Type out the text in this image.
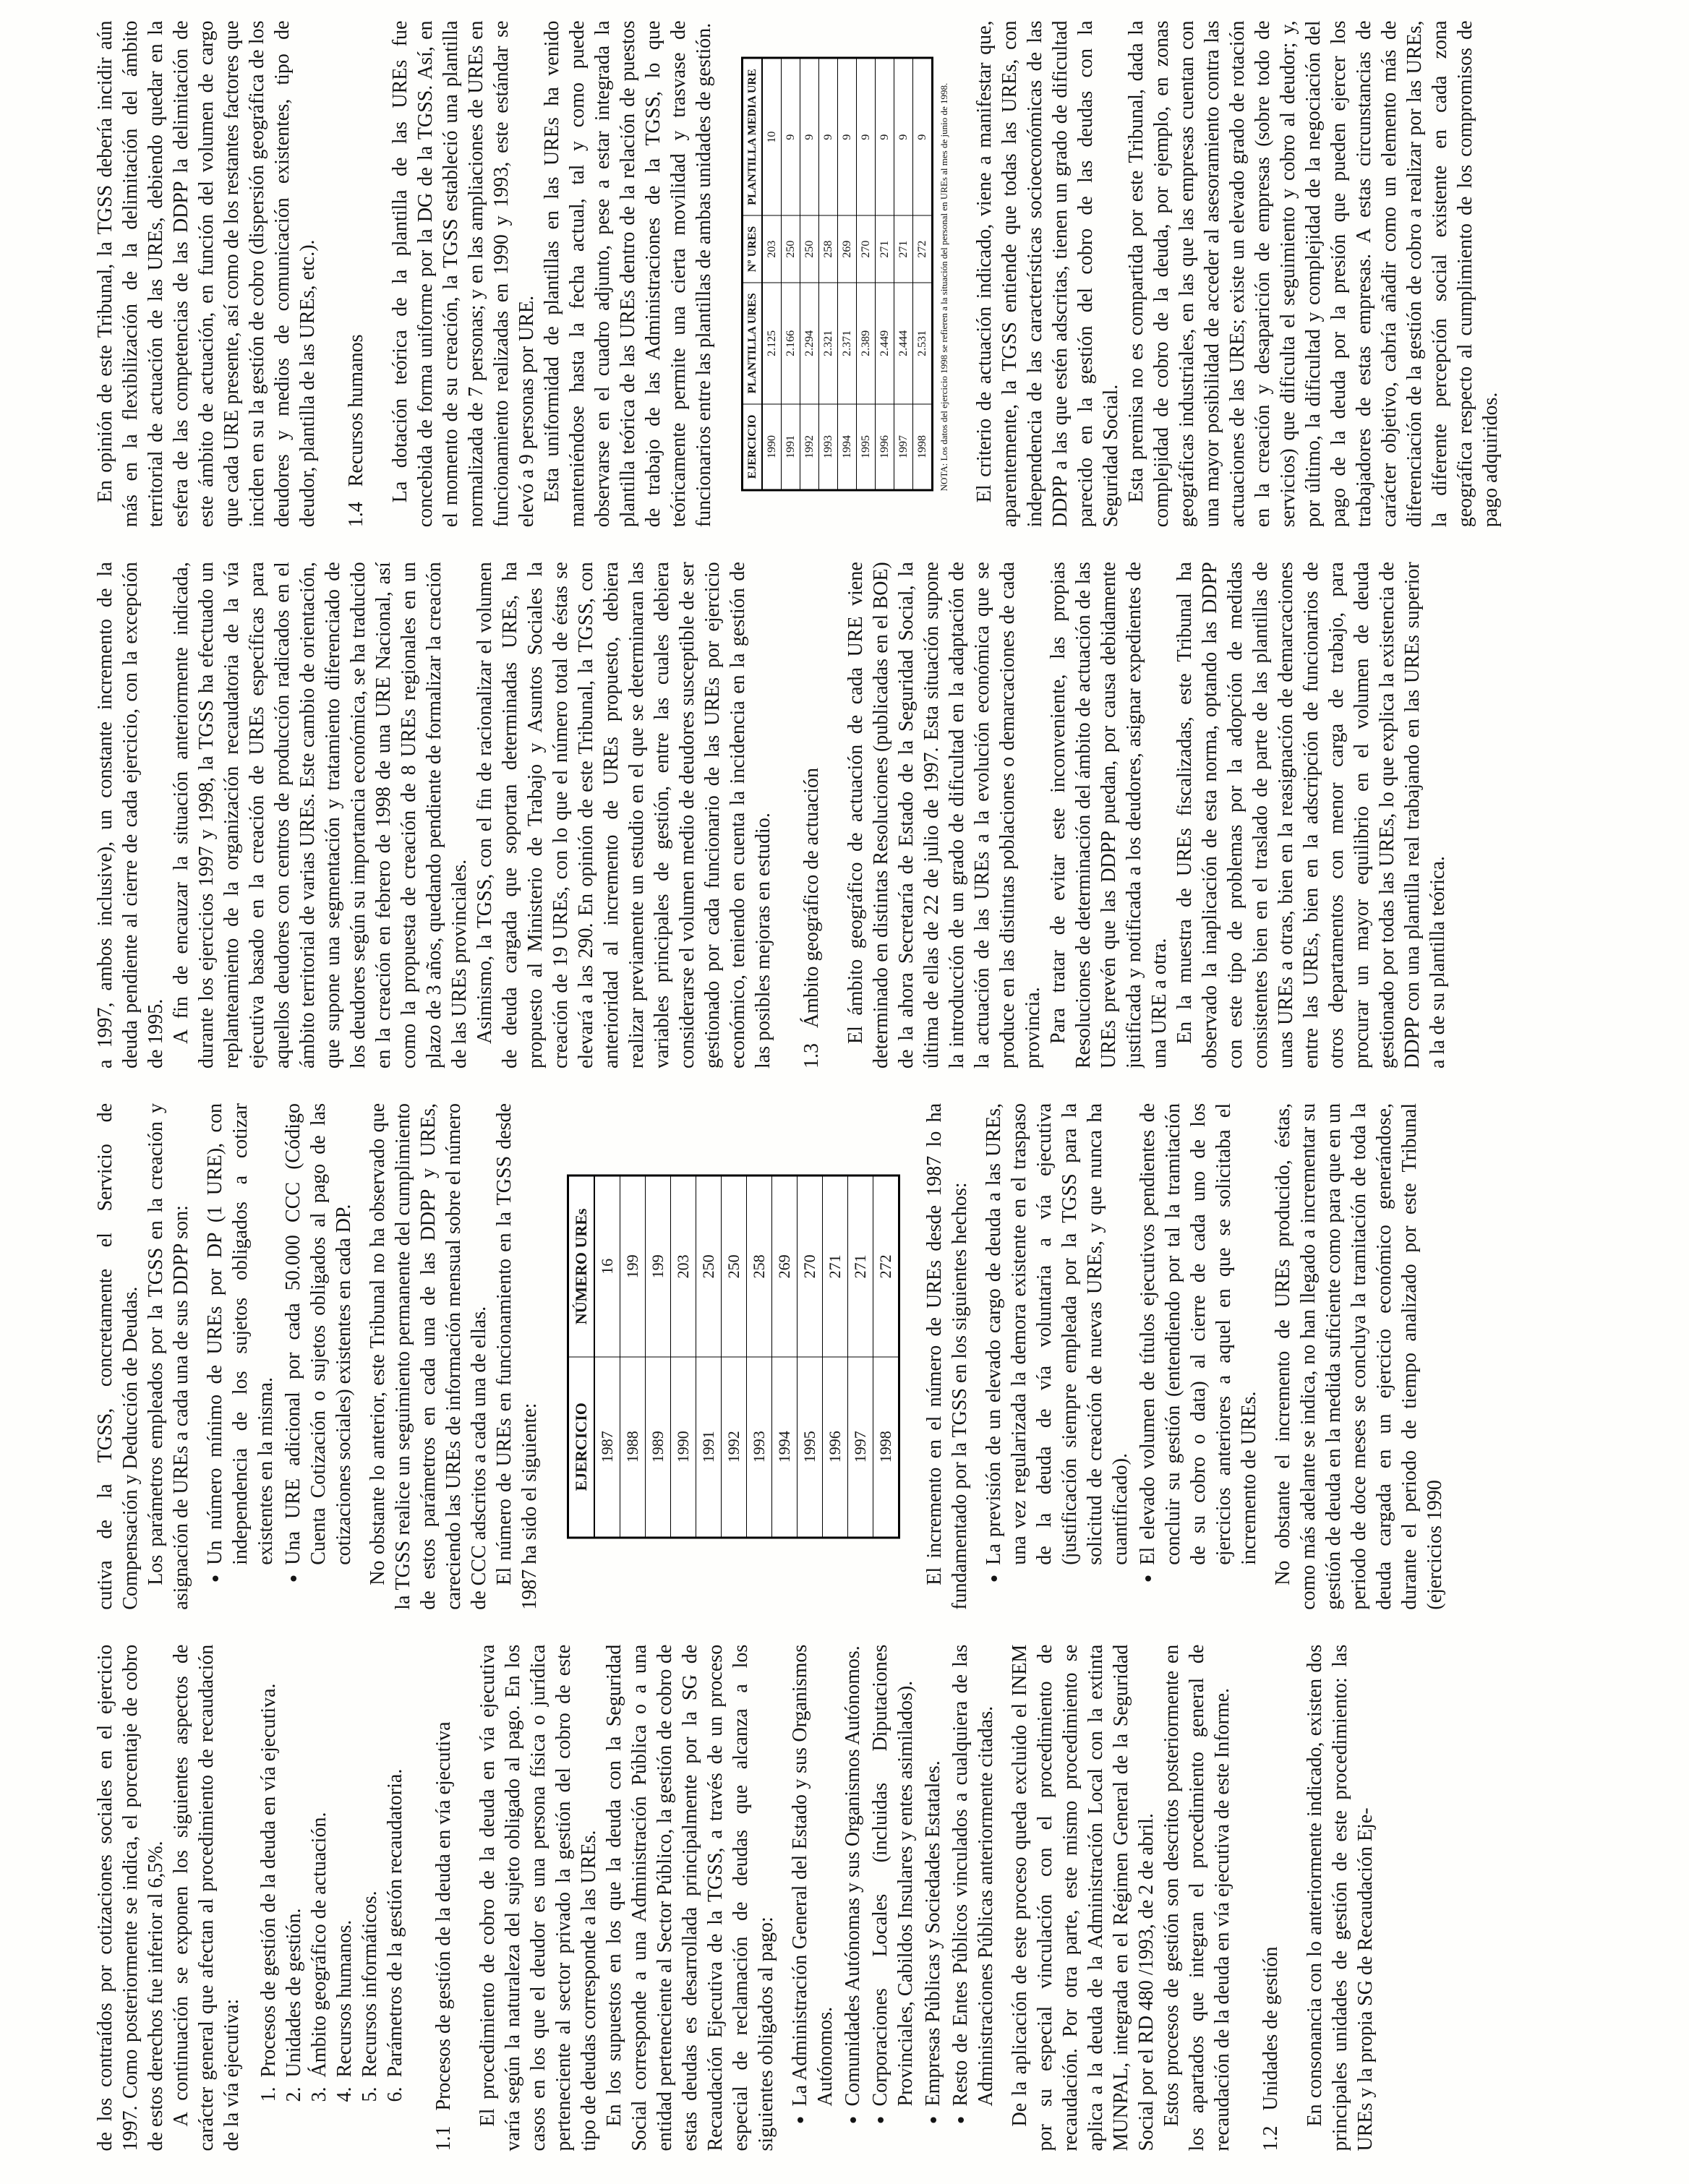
de los contraídos por cotizaciones sociales en el ejercicio 1997. Como posteriormente se indica, el porcentaje de cobro de estos derechos fue inferior al 6,5%. A continuación se exponen los siguientes aspectos de carácter general que afectan al procedimiento de recaudación de la vía ejecutiva: 1. Procesos de gestión de la deuda en vía ejecutiva. 2. Unidades de gestión. 3. Ámbito geográfico de actuación. 4. Recursos humanos. 5. Recursos informáticos. 6. Parámetros de la gestión recaudatoria. 1.1   Procesos de gestión de la deuda en vía ejecutiva El procedimiento de cobro de la deuda en vía ejecutiva varía según la naturaleza del sujeto obligado al pago. En los casos en los que el deudor es una persona física o jurídica perteneciente al sector privado la gestión del cobro de este tipo de deudas corresponde a las UREs. En los supuestos en los que la deuda con la Seguridad Social corresponde a una Administración Pública o a una entidad perteneciente al Sector Público, la gestión de cobro de estas deudas es desarrollada principalmente por la SG de Recaudación Ejecutiva de la TGSS, a través de un proceso especial de reclamación de deudas que alcanza a los siguientes obligados al pago: • La Administración General del Estado y sus Organismos Autónomos. • Comunidades Autónomas y sus Organismos Autónomos. • Corporaciones Locales (incluidas Diputaciones Provinciales, Cabildos Insulares y entes asimilados). • Empresas Públicas y Sociedades Estatales. • Resto de Entes Públicos vinculados a cualquiera de las Administraciones Públicas anteriormente citadas. De la aplicación de este proceso queda excluido el INEM por su especial vinculación con el procedimiento de recaudación. Por otra parte, este mismo procedimiento se aplica a la deuda de la Administración Local con la extinta MUNPAL, integrada en el Régimen General de la Seguridad Social por el RD 480 /1993, de 2 de abril. Estos procesos de gestión son descritos posteriormente en los apartados que integran el procedimiento general de recaudación de la deuda en vía ejecutiva de este Informe. 1.2   Unidades de gestión En consonancia con lo anteriormente indicado, existen dos principales unidades de gestión de este procedimiento: las UREs y la propia SG de Recaudación Eje-

cutiva de la TGSS, concretamente el Servicio de Compensación y Deducción de Deudas. Los parámetros empleados por la TGSS en la creación y asignación de UREs a cada una de sus DDPP son: • Un número mínimo de UREs por DP (1 URE), con independencia de los sujetos obligados a cotizar existentes en la misma. • Una URE adicional por cada 50.000 CCC (Código Cuenta Cotización o sujetos obligados al pago de las cotizaciones sociales) existentes en cada DP. No obstante lo anterior, este Tribunal no ha observado que la TGSS realice un seguimiento permanente del cumplimiento de estos parámetros en cada una de las DDPP y UREs, careciendo las UREs de información mensual sobre el número de CCC adscritos a cada una de ellas. El número de UREs en funcionamiento en la TGSS desde 1987 ha sido el siguiente: EJERCICIO	NÚMERO UREs
1987	16
1988	199
1989	199
1990	203
1991	250
1992	250
1993	258
1994	269
1995	270
1996	271
1997	271
1998	272 El incremento en el número de UREs desde 1987 lo ha fundamentado por la TGSS en los siguientes hechos: • La previsión de un elevado cargo de deuda a las UREs, una vez regularizada la demora existente en el traspaso de la deuda de vía voluntaria a vía ejecutiva (justificación siempre empleada por la TGSS para la solicitud de creación de nuevas UREs, y que nunca ha cuantificado). • El elevado volumen de títulos ejecutivos pendientes de concluir su gestión (entendiendo por tal la tramitación de su cobro o data) al cierre de cada uno de los ejercicios anteriores a aquel en que se solicitaba el incremento de UREs. No obstante el incremento de UREs producido, éstas, como más adelante se indica, no han llegado a incrementar su gestión de deuda en la medida suficiente como para que en un periodo de doce meses se concluya la tramitación de toda la deuda cargada en un ejercicio económico generándose, durante el periodo de tiempo analizado por este Tribunal (ejercicios 1990

a 1997, ambos inclusive), un constante incremento de la deuda pendiente al cierre de cada ejercicio, con la excepción de 1995. A fin de encauzar la situación anteriormente indicada, durante los ejercicios 1997 y 1998, la TGSS ha efectuado un replanteamiento de la organización recaudatoria de la vía ejecutiva basado en la creación de UREs específicas para aquellos deudores con centros de producción radicados en el ámbito territorial de varias UREs. Este cambio de orientación, que supone una segmentación y tratamiento diferenciado de los deudores según su importancia económica, se ha traducido en la creación en febrero de 1998 de una URE Nacional, así como la propuesta de creación de 8 UREs regionales en un plazo de 3 años, quedando pendiente de formalizar la creación de las UREs provinciales. Asimismo, la TGSS, con el fin de racionalizar el volumen de deuda cargada que soportan determinadas UREs, ha propuesto al Ministerio de Trabajo y Asuntos Sociales la creación de 19 UREs, con lo que el número total de éstas se elevará a las 290. En opinión de este Tribunal, la TGSS, con anterioridad al incremento de UREs propuesto, debiera realizar previamente un estudio en el que se determinaran las variables principales de gestión, entre las cuales debiera considerarse el volumen medio de deudores susceptible de ser gestionado por cada funcionario de las UREs por ejercicio económico, teniendo en cuenta la incidencia en la gestión de las posibles mejoras en estudio. 1.3   Ámbito geográfico de actuación El ámbito geográfico de actuación de cada URE viene determinado en distintas Resoluciones (publicadas en el BOE) de la ahora Secretaría de Estado de la Seguridad Social, la última de ellas de 22 de julio de 1997. Esta situación supone la introducción de un grado de dificultad en la adaptación de la actuación de las UREs a la evolución económica que se produce en las distintas poblaciones o demarcaciones de cada provincia. Para tratar de evitar este inconveniente, las propias Resoluciones de determinación del ámbito de actuación de las UREs prevén que las DDPP puedan, por causa debidamente justificada y notificada a los deudores, asignar expedientes de una URE a otra. En la muestra de UREs fiscalizadas, este Tribunal ha observado la inaplicación de esta norma, optando las DDPP con este tipo de problemas por la adopción de medidas consistentes bien en el traslado de parte de las plantillas de unas UREs a otras, bien en la reasignación de demarcaciones entre las UREs, bien en la adscripción de funcionarios de otros departamentos con menor carga de trabajo, para procurar un mayor equilibrio en el volumen de deuda gestionado por todas las UREs, lo que explica la existencia de DDPP con una plantilla real trabajando en las UREs superior a la de su plantilla teórica.

En opinión de este Tribunal, la TGSS debería incidir aún más en la flexibilización de la delimitación del ámbito territorial de actuación de las UREs, debiendo quedar en la esfera de las competencias de las DDPP la delimitación de este ámbito de actuación, en función del volumen de cargo que cada URE presente, así como de los restantes factores que inciden en su la gestión de cobro (dispersión geográfica de los deudores y medios de comunicación existentes, tipo de deudor, plantilla de las UREs, etc.). 1.4   Recursos humanos La dotación teórica de la plantilla de las UREs fue concebida de forma uniforme por la DG de la TGSS. Así, en el momento de su creación, la TGSS estableció una plantilla normalizada de 7 personas; y en las ampliaciones de UREs en funcionamiento realizadas en 1990 y 1993, este estándar se elevó a 9 personas por URE. Esta uniformidad de plantillas en las UREs ha venido manteniéndose hasta la fecha actual, tal y como puede observarse en el cuadro adjunto, pese a estar integrada la plantilla teórica de las UREs dentro de la relación de puestos de trabajo de las Administraciones de la TGSS, lo que teóricamente permite una cierta movilidad y trasvase de funcionarios entre las plantillas de ambas unidades de gestión.	EJERCICIO	PLANTILLA URES	Nº URES	PLANTILLA MEDIA URE
1990	2.125	203	10
1991	2.166	250	9
1992	2.294	250	9
1993	2.321	258	9
1994	2.371	269	9
1995	2.389	270	9
1996	2.449	271	9
1997	2.444	271	9
1998	2.531	272	9 NOTA: Los datos del ejercicio 1998 se refieren a la situación del personal en UREs al mes de junio de 1998. El criterio de actuación indicado, viene a manifestar que, aparentemente, la TGSS entiende que todas las UREs, con independencia de las características socioeconómicas de las DDPP a las que estén adscritas, tienen un grado de dificultad parecido en la gestión del cobro de las deudas con la Seguridad Social. Esta premisa no es compartida por este Tribunal, dada la complejidad de cobro de la deuda, por ejemplo, en zonas geográficas industriales, en las que las empresas cuentan con una mayor posibilidad de acceder al asesoramiento contra las actuaciones de las UREs; existe un elevado grado de rotación en la creación y desaparición de empresas (sobre todo de servicios) que dificulta el seguimiento y cobro al deudor; y, por último, la dificultad y complejidad de la negociación del pago de la deuda por la presión que pueden ejercer los trabajadores de estas empresas. A estas circunstancias de carácter objetivo, cabría añadir como un elemento más de diferenciación de la gestión de cobro a realizar por las UREs, la diferente percepción social existente en cada zona geográfica respecto al cumplimiento de los compromisos de pago adquiridos.
